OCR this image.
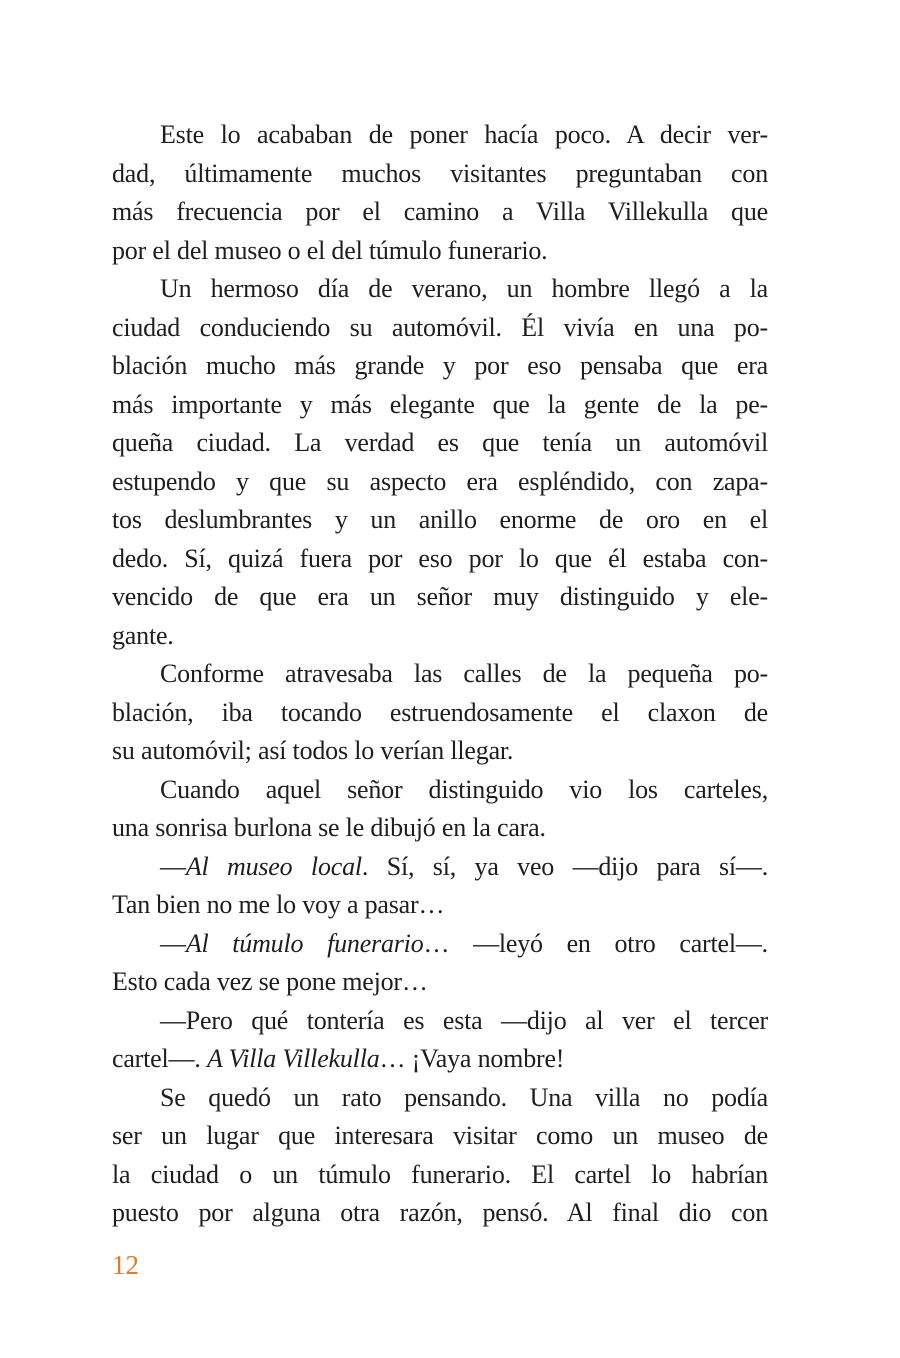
Este lo acababan de poner hacía poco. A decir ver-
dad, últimamente muchos visitantes preguntaban con
más frecuencia por el camino a Villa Villekulla que
por el del museo o el del túmulo funerario.
Un hermoso día de verano, un hombre llegó a la
ciudad conduciendo su automóvil. Él vivía en una po-
blación mucho más grande y por eso pensaba que era
más importante y más elegante que la gente de la pe-
queña ciudad. La verdad es que tenía un automóvil
estupendo y que su aspecto era espléndido, con zapa-
tos deslumbrantes y un anillo enorme de oro en el
dedo. Sí, quizá fuera por eso por lo que él estaba con-
vencido de que era un señor muy distinguido y ele-
gante.
Conforme atravesaba las calles de la pequeña po-
blación, iba tocando estruendosamente el claxon de
su automóvil; así todos lo verían llegar.
Cuando aquel señor distinguido vio los carteles,
una sonrisa burlona se le dibujó en la cara.
—Al museo local. Sí, sí, ya veo —dijo para sí—.
Tan bien no me lo voy a pasar…
—Al túmulo funerario… —leyó en otro cartel—.
Esto cada vez se pone mejor…
—Pero qué tontería es esta —dijo al ver el tercer
cartel—. A Villa Villekulla… ¡Vaya nombre!
Se quedó un rato pensando. Una villa no podía
ser un lugar que interesara visitar como un museo de
la ciudad o un túmulo funerario. El cartel lo habrían
puesto por alguna otra razón, pensó. Al final dio con
12
